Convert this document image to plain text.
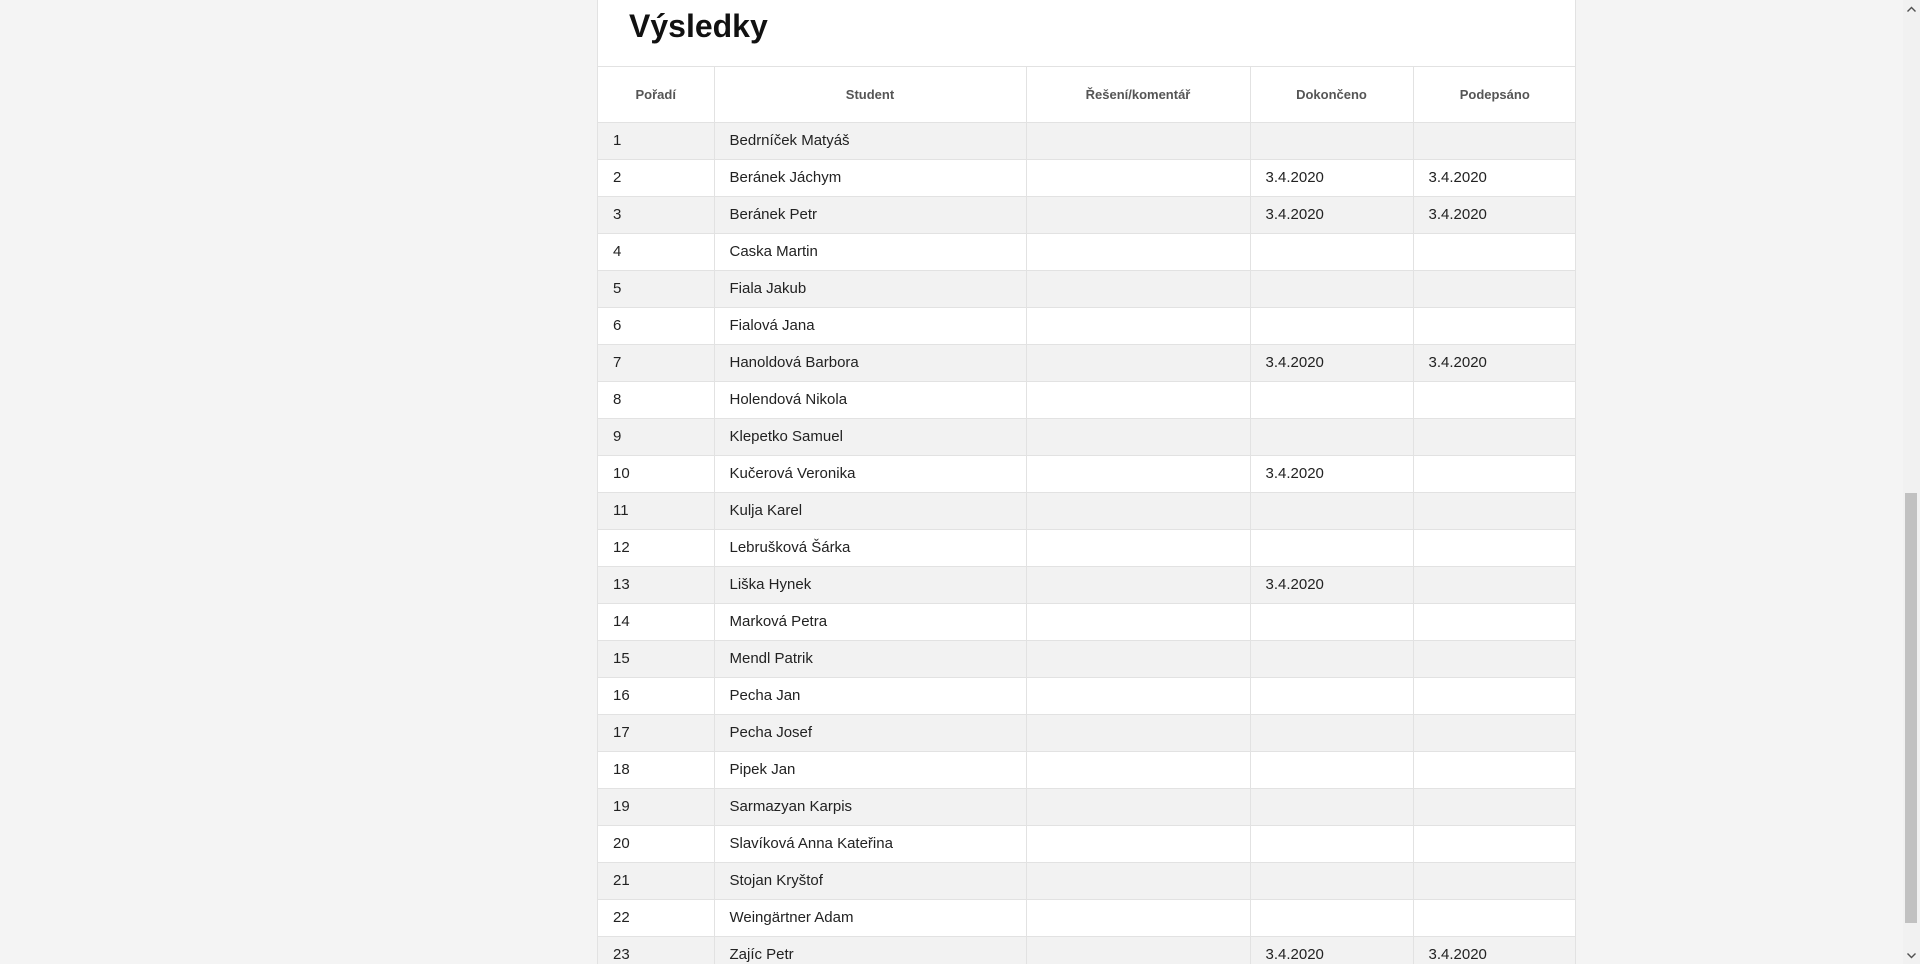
Výsledky
Pořadí	Student	Řešení/komentář	Dokončeno	Podepsáno
1	Bedrníček Matyáš			
2	Beránek Jáchym		3.4.2020	3.4.2020
3	Beránek Petr		3.4.2020	3.4.2020
4	Caska Martin			
5	Fiala Jakub			
6	Fialová Jana			
7	Hanoldová Barbora		3.4.2020	3.4.2020
8	Holendová Nikola			
9	Klepetko Samuel			
10	Kučerová Veronika		3.4.2020	
11	Kulja Karel			
12	Lebrušková Šárka			
13	Liška Hynek		3.4.2020	
14	Marková Petra			
15	Mendl Patrik			
16	Pecha Jan			
17	Pecha Josef			
18	Pipek Jan			
19	Sarmazyan Karpis			
20	Slavíková Anna Kateřina			
21	Stojan Kryštof			
22	Weingärtner Adam			
23	Zajíc Petr		3.4.2020	3.4.2020
